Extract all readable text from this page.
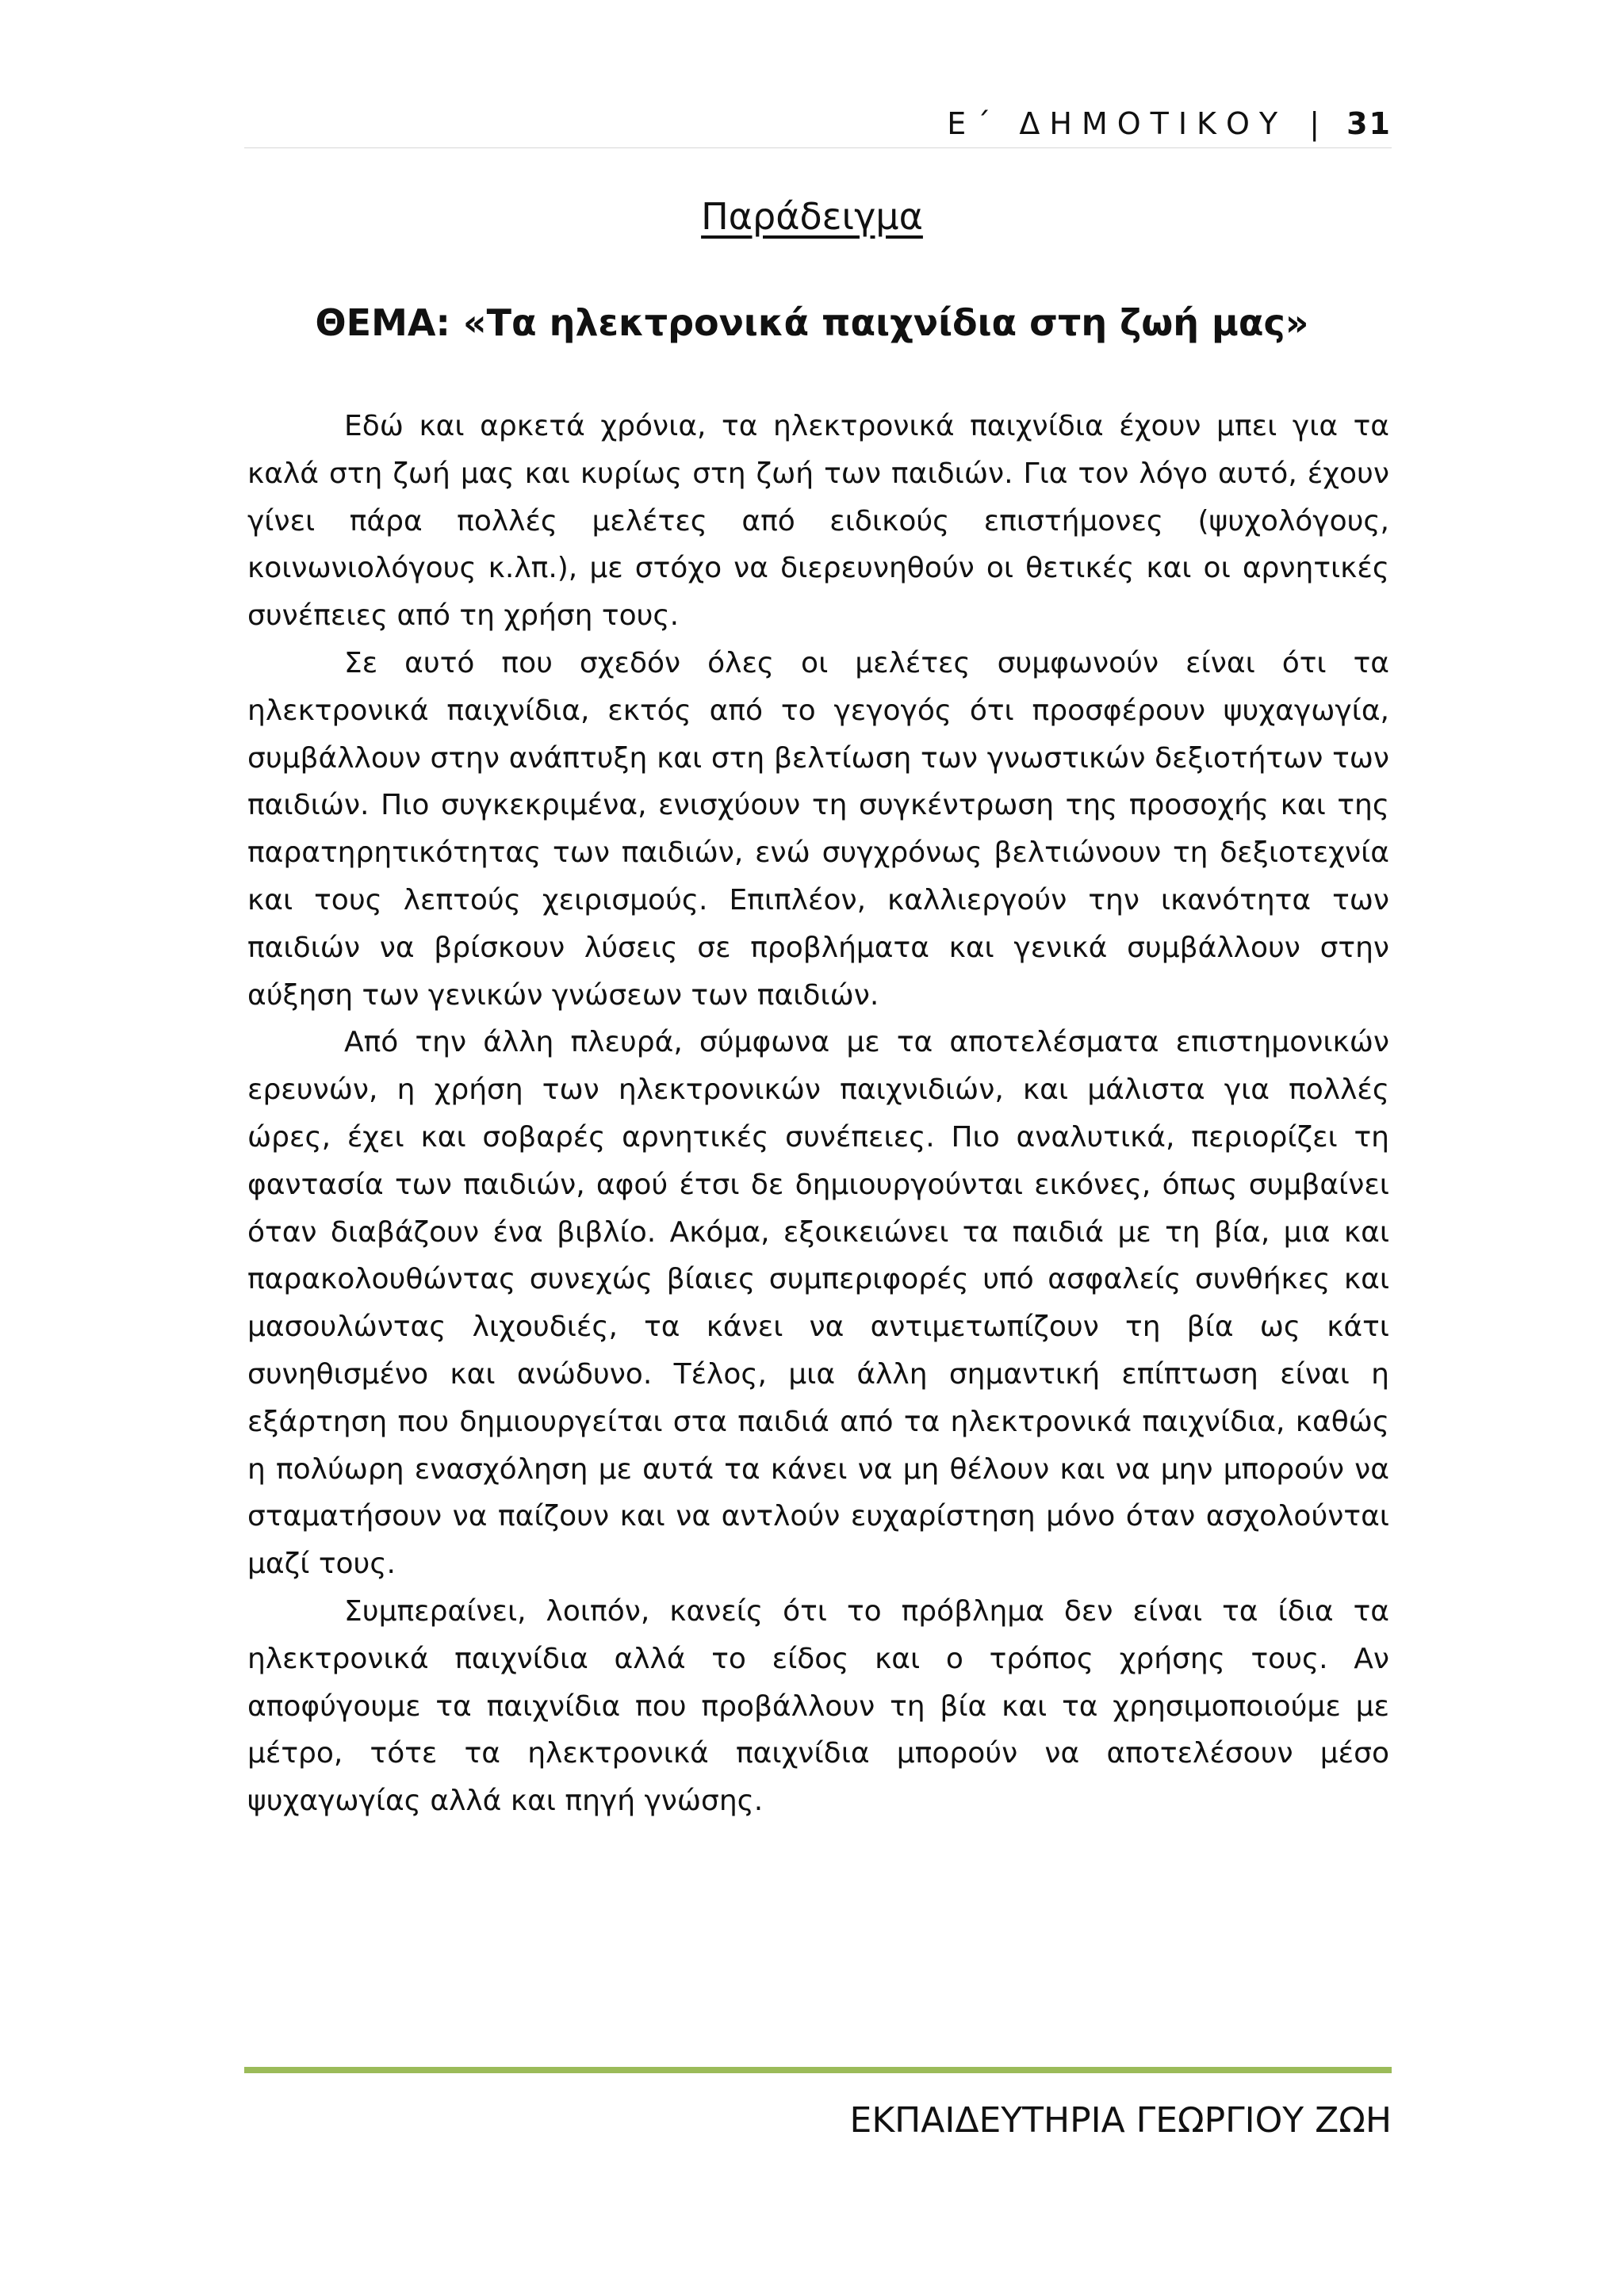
Ε΄ ΔΗΜΟΤΙΚΟΥ | 31
Παράδειγμα
ΘΕΜΑ: «Τα ηλεκτρονικά παιχνίδια στη ζωή μας»

Εδώ και αρκετά χρόνια, τα ηλεκτρονικά παιχνίδια έχουν μπει για τα καλά στη ζωή μας και κυρίως στη ζωή των παιδιών. Για τον λόγο αυτό, έχουν γίνει πάρα πολλές μελέτες από ειδικούς επιστήμονες (ψυχολόγους, κοινωνιολόγους κ.λπ.), με στόχο να διερευνηθούν οι θετικές και οι αρνητικές συνέπειες από τη χρήση τους.

Σε αυτό που σχεδόν όλες οι μελέτες συμφωνούν είναι ότι τα ηλεκτρονικά παιχνίδια, εκτός από το γεγογός ότι προσφέρουν ψυχαγωγία, συμβάλλουν στην ανάπτυξη και στη βελτίωση των γνωστικών δεξιοτήτων των παιδιών. Πιο συγκεκριμένα, ενισχύουν τη συγκέντρωση της προσοχής και της παρατηρητικότητας των παιδιών, ενώ συγχρόνως βελτιώνουν τη δεξιοτεχνία και τους λεπτούς χειρισμούς. Επιπλέον, καλλιεργούν την ικανότητα των παιδιών να βρίσκουν λύσεις σε προβλήματα και γενικά συμβάλλουν στην αύξηση των γενικών γνώσεων των παιδιών.

Από την άλλη πλευρά, σύμφωνα με τα αποτελέσματα επιστημονικών ερευνών, η χρήση των ηλεκτρονικών παιχνιδιών, και μάλιστα για πολλές ώρες, έχει και σοβαρές αρνητικές συνέπειες. Πιο αναλυτικά, περιορίζει τη φαντασία των παιδιών, αφού έτσι δε δημιουργούνται εικόνες, όπως συμβαίνει όταν διαβάζουν ένα βιβλίο. Ακόμα, εξοικειώνει τα παιδιά με τη βία, μια και παρακολουθώντας συνεχώς βίαιες συμπεριφορές υπό ασφαλείς συνθήκες και μασουλώντας λιχουδιές, τα κάνει να αντιμετωπίζουν τη βία ως κάτι συνηθισμένο και ανώδυνο. Τέλος, μια άλλη σημαντική επίπτωση είναι η εξάρτηση που δημιουργείται στα παιδιά από τα ηλεκτρονικά παιχνίδια, καθώς η πολύωρη ενασχόληση με αυτά τα κάνει να μη θέλουν και να μην μπορούν να σταματήσουν να παίζουν και να αντλούν ευχαρίστηση μόνο όταν ασχολούνται μαζί τους.

Συμπεραίνει, λοιπόν, κανείς ότι το πρόβλημα δεν είναι τα ίδια τα ηλεκτρονικά παιχνίδια αλλά το είδος και ο τρόπος χρήσης τους. Αν αποφύγουμε τα παιχνίδια που προβάλλουν τη βία και τα χρησιμοποιούμε με μέτρο, τότε τα ηλεκτρονικά παιχνίδια μπορούν να αποτελέσουν μέσο ψυχαγωγίας αλλά και πηγή γνώσης.

ΕΚΠΑΙΔΕΥΤΗΡΙΑ ΓΕΩΡΓΙΟΥ ΖΩΗ
